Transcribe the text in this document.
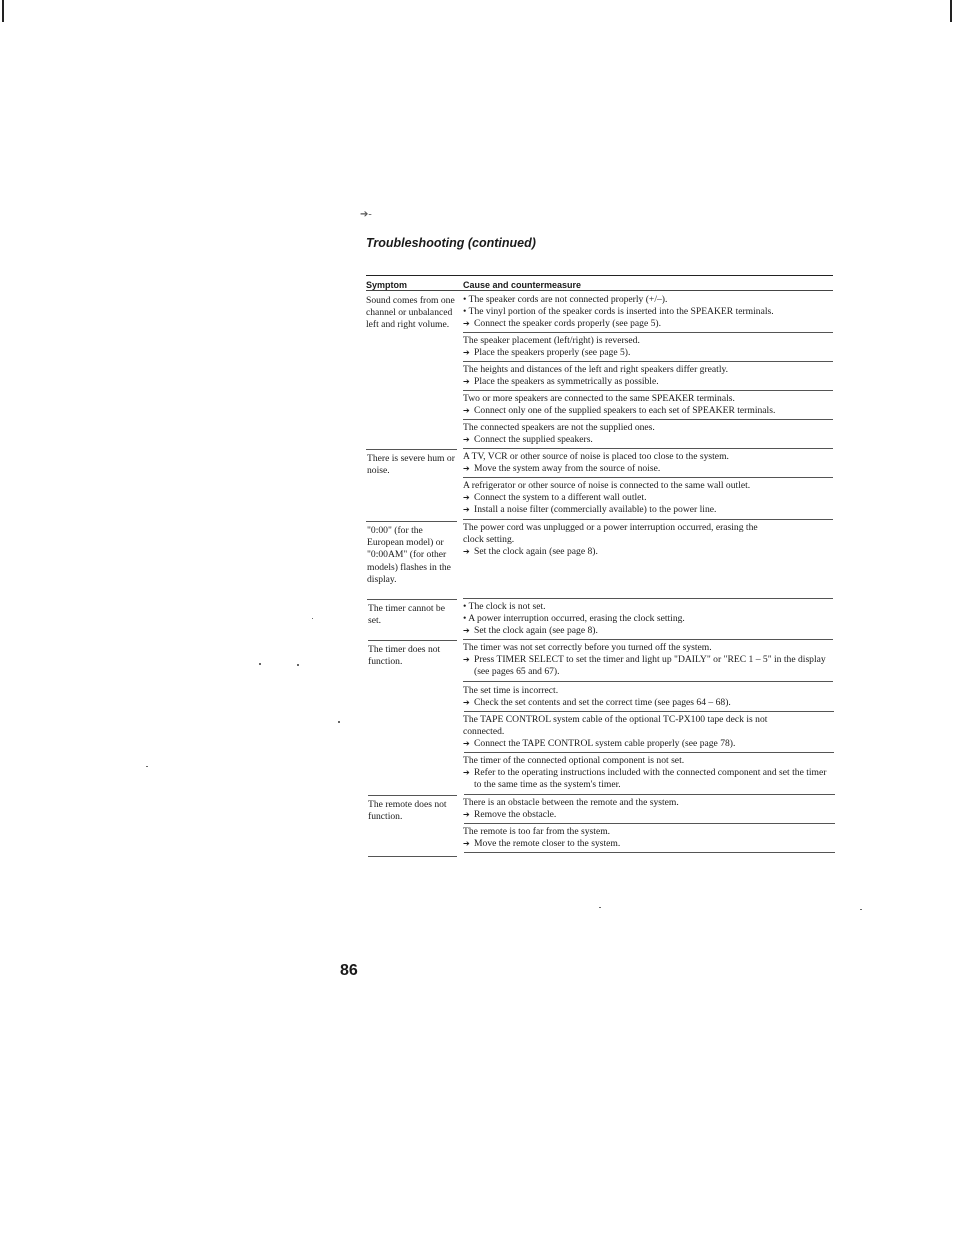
➔-
Troubleshooting (continued)
Symptom	Cause and countermeasure

Sound comes from one channel or unbalanced left and right volume.

There is severe hum or noise.

"0:00" (for the European model) or "0:00AM" (for other models) flashes in the display.

The timer cannot be set.

The timer does not function.

The remote does not function.

• The speaker cords are not connected properly (+/–).
• The vinyl portion of the speaker cords is inserted into the SPEAKER terminals.
➔ Connect the speaker cords properly (see page 5).
The speaker placement (left/right) is reversed.
➔ Place the speakers properly (see page 5).
The heights and distances of the left and right speakers differ greatly.
➔ Place the speakers as symmetrically as possible.
Two or more speakers are connected to the same SPEAKER terminals.
➔ Connect only one of the supplied speakers to each set of SPEAKER terminals.
The connected speakers are not the supplied ones.
➔ Connect the supplied speakers.
A TV, VCR or other source of noise is placed too close to the system.
➔ Move the system away from the source of noise.
A refrigerator or other source of noise is connected to the same wall outlet.
➔ Connect the system to a different wall outlet.
➔ Install a noise filter (commercially available) to the power line.
The power cord was unplugged or a power interruption occurred, erasing the
clock setting.
➔ Set the clock again (see page 8).
• The clock is not set.
• A power interruption occurred, erasing the clock setting.
➔ Set the clock again (see page 8).
The timer was not set correctly before you turned off the system.
➔ Press TIMER SELECT to set the timer and light up "DAILY" or "REC 1 – 5" in the display (see pages 65 and 67).
The set time is incorrect.
➔ Check the set contents and set the correct time (see pages 64 – 68).
The TAPE CONTROL system cable of the optional TC-PX100 tape deck is not
connected.
➔ Connect the TAPE CONTROL system cable properly (see page 78).
The timer of the connected optional component is not set.
➔ Refer to the operating instructions included with the connected component and set the timer to the same time as the system's timer.
There is an obstacle between the remote and the system.
➔ Remove the obstacle.
The remote is too far from the system.
➔ Move the remote closer to the system.
86
